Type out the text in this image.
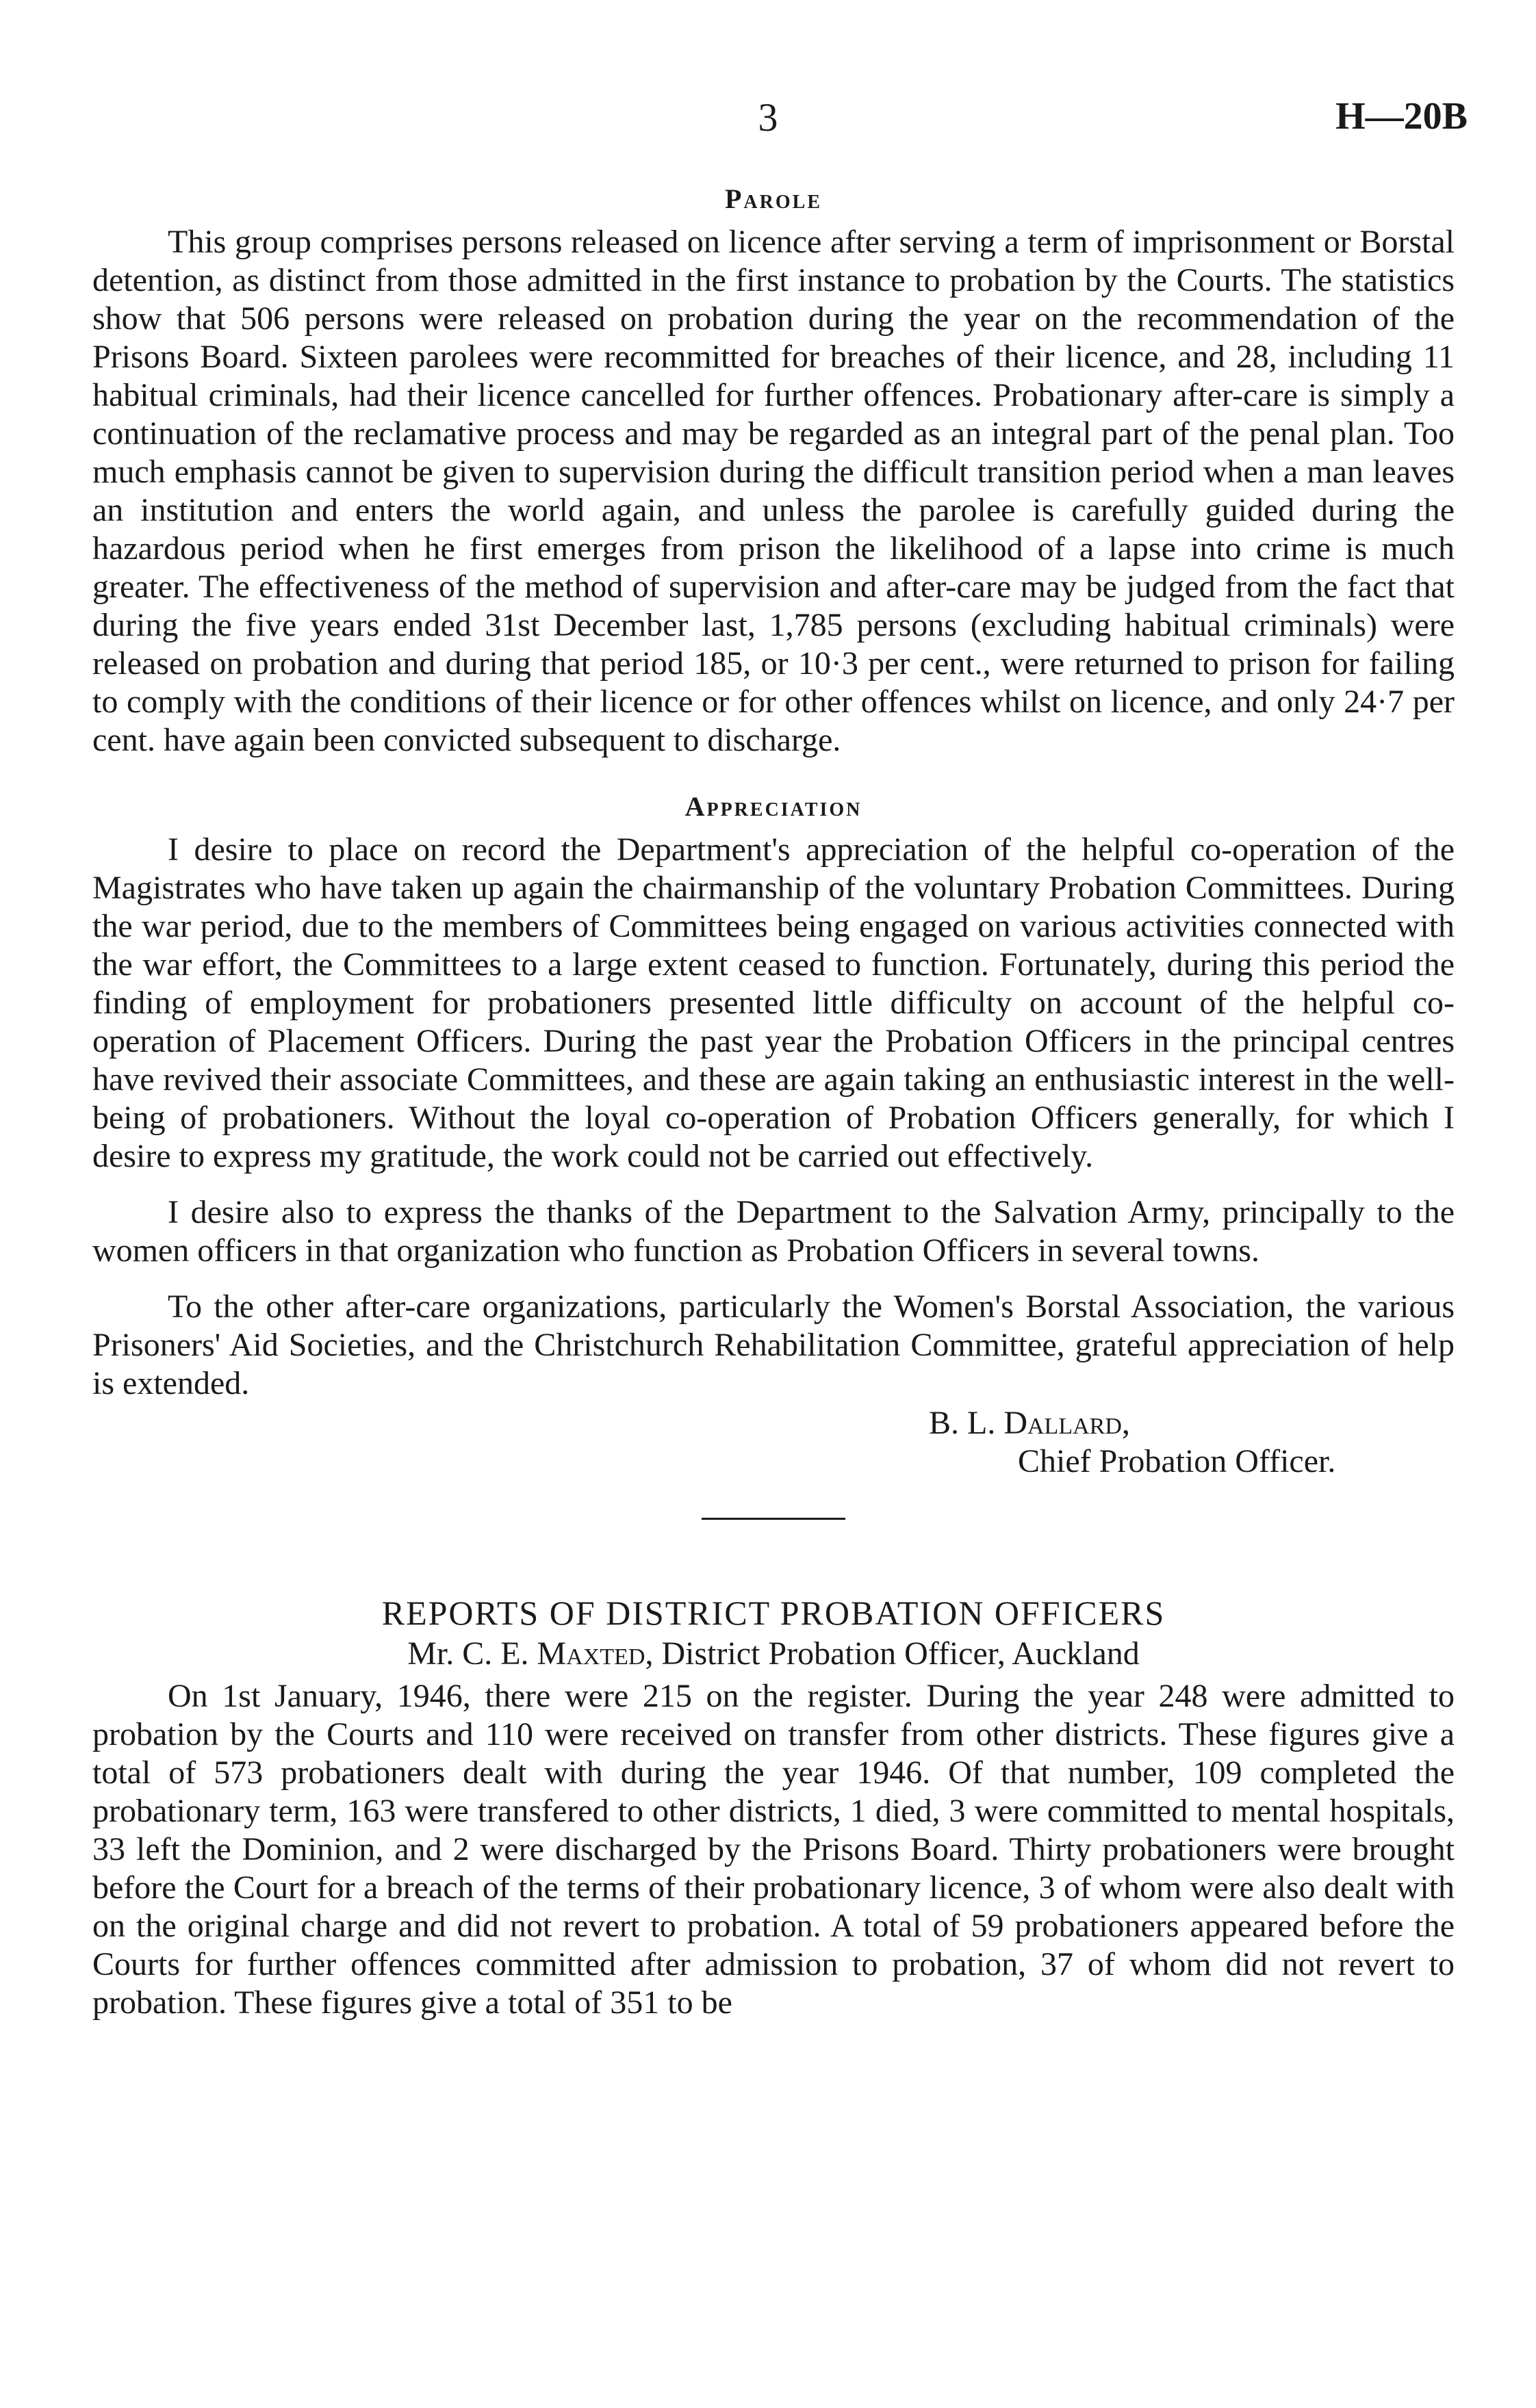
3	H—20B
Parole

This group comprises persons released on licence after serving a term of imprisonment or Borstal detention, as distinct from those admitted in the first instance to probation by the Courts. The statistics show that 506 persons were released on probation during the year on the recommendation of the Prisons Board. Sixteen parolees were recommitted for breaches of their licence, and 28, including 11 habitual criminals, had their licence cancelled for further offences. Probationary after-care is simply a continuation of the reclamative process and may be regarded as an integral part of the penal plan. Too much emphasis cannot be given to supervision during the difficult transition period when a man leaves an institution and enters the world again, and unless the parolee is carefully guided during the hazardous period when he first emerges from prison the likelihood of a lapse into crime is much greater. The effectiveness of the method of supervision and after-care may be judged from the fact that during the five years ended 31st December last, 1,785 persons (excluding habitual criminals) were released on probation and during that period 185, or 10·3 per cent., were returned to prison for failing to comply with the conditions of their licence or for other offences whilst on licence, and only 24·7 per cent. have again been convicted subsequent to discharge.

Appreciation

I desire to place on record the Department's appreciation of the helpful co-operation of the Magistrates who have taken up again the chairmanship of the voluntary Probation Committees. During the war period, due to the members of Committees being engaged on various activities connected with the war effort, the Committees to a large extent ceased to function. Fortunately, during this period the finding of employment for probationers presented little difficulty on account of the helpful co-operation of Placement Officers. During the past year the Probation Officers in the principal centres have revived their associate Committees, and these are again taking an enthusiastic interest in the well-being of probationers. Without the loyal co-operation of Probation Officers generally, for which I desire to express my gratitude, the work could not be carried out effectively.

I desire also to express the thanks of the Department to the Salvation Army, principally to the women officers in that organization who function as Probation Officers in several towns.

To the other after-care organizations, particularly the Women's Borstal Association, the various Prisoners' Aid Societies, and the Christchurch Rehabilitation Committee, grateful appreciation of help is extended.

B. L. Dallard,
Chief Probation Officer.
REPORTS OF DISTRICT PROBATION OFFICERS
Mr. C. E. Maxted, District Probation Officer, Auckland

On 1st January, 1946, there were 215 on the register. During the year 248 were admitted to probation by the Courts and 110 were received on transfer from other districts. These figures give a total of 573 probationers dealt with during the year 1946. Of that number, 109 completed the probationary term, 163 were transfered to other districts, 1 died, 3 were committed to mental hospitals, 33 left the Dominion, and 2 were discharged by the Prisons Board. Thirty probationers were brought before the Court for a breach of the terms of their probationary licence, 3 of whom were also dealt with on the original charge and did not revert to probation. A total of 59 probationers appeared before the Courts for further offences committed after admission to probation, 37 of whom did not revert to probation. These figures give a total of 351 to be
